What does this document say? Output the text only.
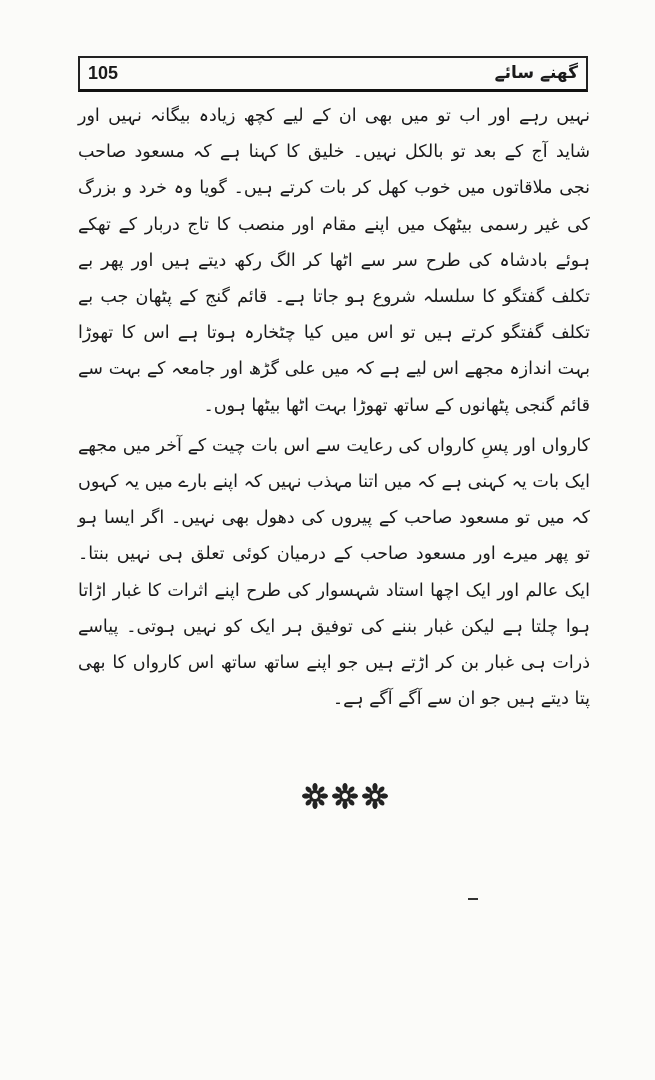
105	گھنے سائے

نہیں رہے اور اب تو میں بھی ان کے لیے کچھ زیادہ بیگانہ نہیں اور شاید آج کے بعد تو بالکل نہیں۔ خلیق کا کہنا ہے کہ مسعود صاحب نجی ملاقاتوں میں خوب کھل کر بات کرتے ہیں۔ گویا وہ خرد و بزرگ کی غیر رسمی بیٹھک میں اپنے مقام اور منصب کا تاج دربار کے تھکے ہوئے بادشاہ کی طرح سر سے اٹھا کر الگ رکھ دیتے ہیں اور پھر بے تکلف گفتگو کا سلسلہ شروع ہو جاتا ہے۔ قائم گنج کے پٹھان جب بے تکلف گفتگو کرتے ہیں تو اس میں کیا چٹخارہ ہوتا ہے اس کا تھوڑا بہت اندازہ مجھے اس لیے ہے کہ میں علی گڑھ اور جامعہ کے بہت سے قائم گنجی پٹھانوں کے ساتھ تھوڑا بہت اٹھا بیٹھا ہوں۔

کارواں اور پسِ کارواں کی رعایت سے اس بات چیت کے آخر میں مجھے ایک بات یہ کہنی ہے کہ میں اتنا مہذب نہیں کہ اپنے بارے میں یہ کہوں کہ میں تو مسعود صاحب کے پیروں کی دھول بھی نہیں۔ اگر ایسا ہو تو پھر میرے اور مسعود صاحب کے درمیان کوئی تعلق ہی نہیں بنتا۔ ایک عالم اور ایک اچھا استاد شہسوار کی طرح اپنے اثرات کا غبار اڑاتا ہوا چلتا ہے لیکن غبار بننے کی توفیق ہر ایک کو نہیں ہوتی۔ پیاسے ذرات ہی غبار بن کر اڑتے ہیں جو اپنے ساتھ ساتھ اس کارواں کا بھی پتا دیتے ہیں جو ان سے آگے آگے ہے۔
